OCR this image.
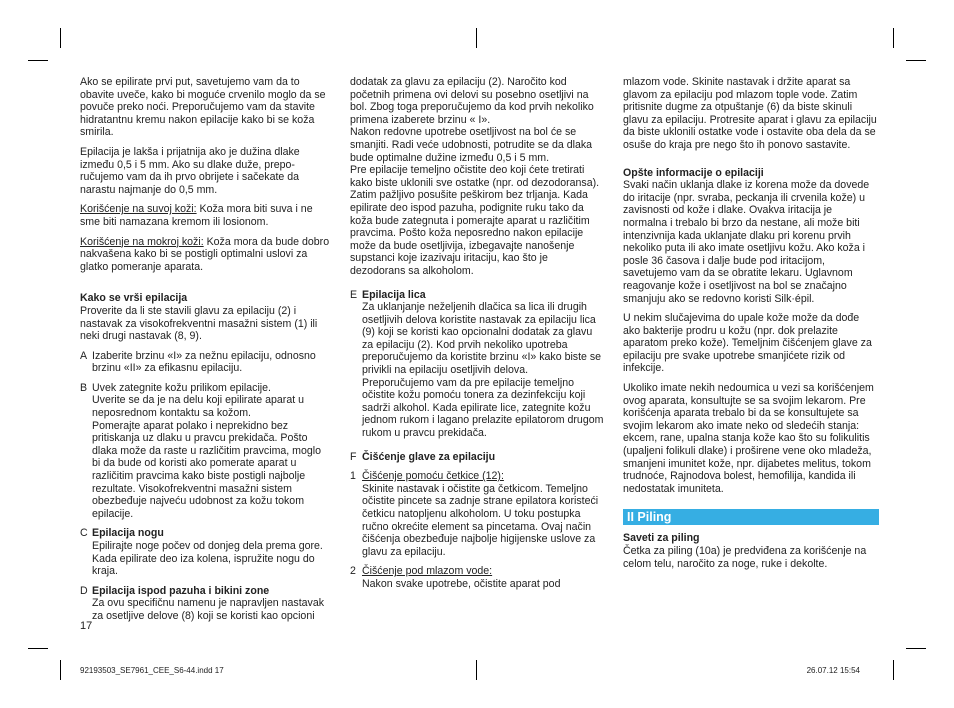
Ako se epilirate prvi put, savetujemo vam da to obavite uveče, kako bi moguće crvenilo moglo da se povuče preko noći. Preporučujemo vam da stavite hidratantnu kremu nakon epilacije kako bi se koža smirila.

Epilacija je lakša i prijatnija ako je dužina dlake između 0,5 i 5 mm. Ako su dlake duže, preporučujemo vam da ih prvo obrijete i sačekate da narastu najmanje do 0,5 mm.

Korišćenje na suvoj koži: Koža mora biti suva i ne sme biti namazana kremom ili losionom.

Korišćenje na mokroj koži: Koža mora da bude dobro nakvašena kako bi se postigli optimalni uslovi za glatko pomeranje aparata.

Kako se vrši epilacija

Proverite da li ste stavili glavu za epilaciju (2) i nastavak za visokofrekventni masažni sistem (1) ili neki drugi nastavak (8, 9).

A Izaberite brzinu «I» za nežnu epilaciju, odnosno brzinu «II» za efikasnu epilaciju.
B Uvek zategnite kožu prilikom epilacije.
Uverite se da je na delu koji epilirate aparat u neposrednom kontaktu sa kožom.
Pomerajte aparat polako i neprekidno bez pritiskanja uz dlaku u pravcu prekidača. Pošto dlaka može da raste u različitim pravcima, moglo bi da bude od koristi ako pomerate aparat u različitim pravcima kako biste postigli najbolje rezultate. Visokofrekventni masažni sistem obezbeđuje najveću udobnost za kožu tokom epilacije.
C Epilacija nogu
Epilirajte noge počev od donjeg dela prema gore. Kada epilirate deo iza kolena, ispružite nogu do kraja.
D Epilacija ispod pazuha i bikini zone
Za ovu specifičnu namenu je napravljen nastavak za osetljive delove (8) koji se koristi kao opcioni

dodatak za glavu za epilaciju (2). Naročito kod početnih primena ovi delovi su posebno osetljivi na bol. Zbog toga preporučujemo da kod prvih nekoliko primena izaberete brzinu « I».
Nakon redovne upotrebe osetljivost na bol će se smanjiti. Radi veće udobnosti, potrudite se da dlaka bude optimalne dužine između 0,5 i 5 mm.
Pre epilacije temeljno očistite deo koji ćete tretirati kako biste uklonili sve ostatke (npr. od dezodoransa). Zatim pažljivo posušite peškirom bez trljanja. Kada epilirate deo ispod pazuha, podignite ruku tako da koža bude zategnuta i pomerajte aparat u različitim pravcima. Pošto koža neposredno nakon epilacije može da bude osetljivija, izbegavajte nanošenje supstanci koje izazivaju iritaciju, kao što je dezodorans sa alkoholom.

E Epilacija lica
Za uklanjanje neželjenih dlačica sa lica ili drugih osetljivih delova koristite nastavak za epilaciju lica (9) koji se koristi kao opcionalni dodatak za glavu za epilaciju (2). Kod prvih nekoliko upotreba preporučujemo da koristite brzinu «I» kako biste se privikli na epilaciju osetljivih delova.
Preporučujemo vam da pre epilacije temeljno očistite kožu pomoću tonera za dezinfekciju koji sadrži alkohol. Kada epilirate lice, zategnite kožu jednom rukom i lagano prelazite epilatorom drugom rukom u pravcu prekidača.
F Čišćenje glave za epilaciju
1 Čišćenje pomoću četkice (12):
Skinite nastavak i očistite ga četkicom. Temeljno očistite pincete sa zadnje strane epilatora koristeći četkicu natopljenu alkoholom. U toku postupka ručno okrećite element sa pincetama. Ovaj način čišćenja obezbeđuje najbolje higijenske uslove za glavu za epilaciju.
2 Čišćenje pod mlazom vode:
Nakon svake upotrebe, očistite aparat pod

mlazom vode. Skinite nastavak i držite aparat sa glavom za epilaciju pod mlazom tople vode. Zatim pritisnite dugme za otpuštanje (6) da biste skinuli glavu za epilaciju. Protresite aparat i glavu za epilaciju da biste uklonili ostatke vode i ostavite oba dela da se osuše do kraja pre nego što ih ponovo sastavite.

Opšte informacije o epilaciji

Svaki način uklanja dlake iz korena može da dovede do iritacije (npr. svraba, peckanja ili crvenila kože) u zavisnosti od kože i dlake. Ovakva iritacija je normalna i trebalo bi brzo da nestane, ali može biti intenzivnija kada uklanjate dlaku pri korenu prvih nekoliko puta ili ako imate osetljivu kožu. Ako koža i posle 36 časova i dalje bude pod iritacijom, savetujemo vam da se obratite lekaru. Uglavnom reagovanje kože i osetljivost na bol se značajno smanjuju ako se redovno koristi Silk·épil.

U nekim slučajevima do upale kože može da dođe ako bakterije prodru u kožu (npr. dok prelazite aparatom preko kože). Temeljnim čišćenjem glave za epilaciju pre svake upotrebe smanjićete rizik od infekcije.

Ukoliko imate nekih nedoumica u vezi sa korišćenjem ovog aparata, konsultujte se sa svojim lekarom. Pre korišćenja aparata trebalo bi da se konsultujete sa svojim lekarom ako imate neko od sledećih stanja: ekcem, rane, upalna stanja kože kao što su folikulitis (upaljeni folikuli dlake) i proširene vene oko mladeža, smanjeni imunitet kože, npr. dijabetes melitus, tokom trudnoće, Rajnodova bolest, hemofilija, kandida ili nedostatak imuniteta.

II Piling
Saveti za piling

Četka za piling (10a) je predviđena za korišćenje na celom telu, naročito za noge, ruke i dekolte.

17
92193503_SE7961_CEE_S6-44.indd 17	26.07.12 15:54
